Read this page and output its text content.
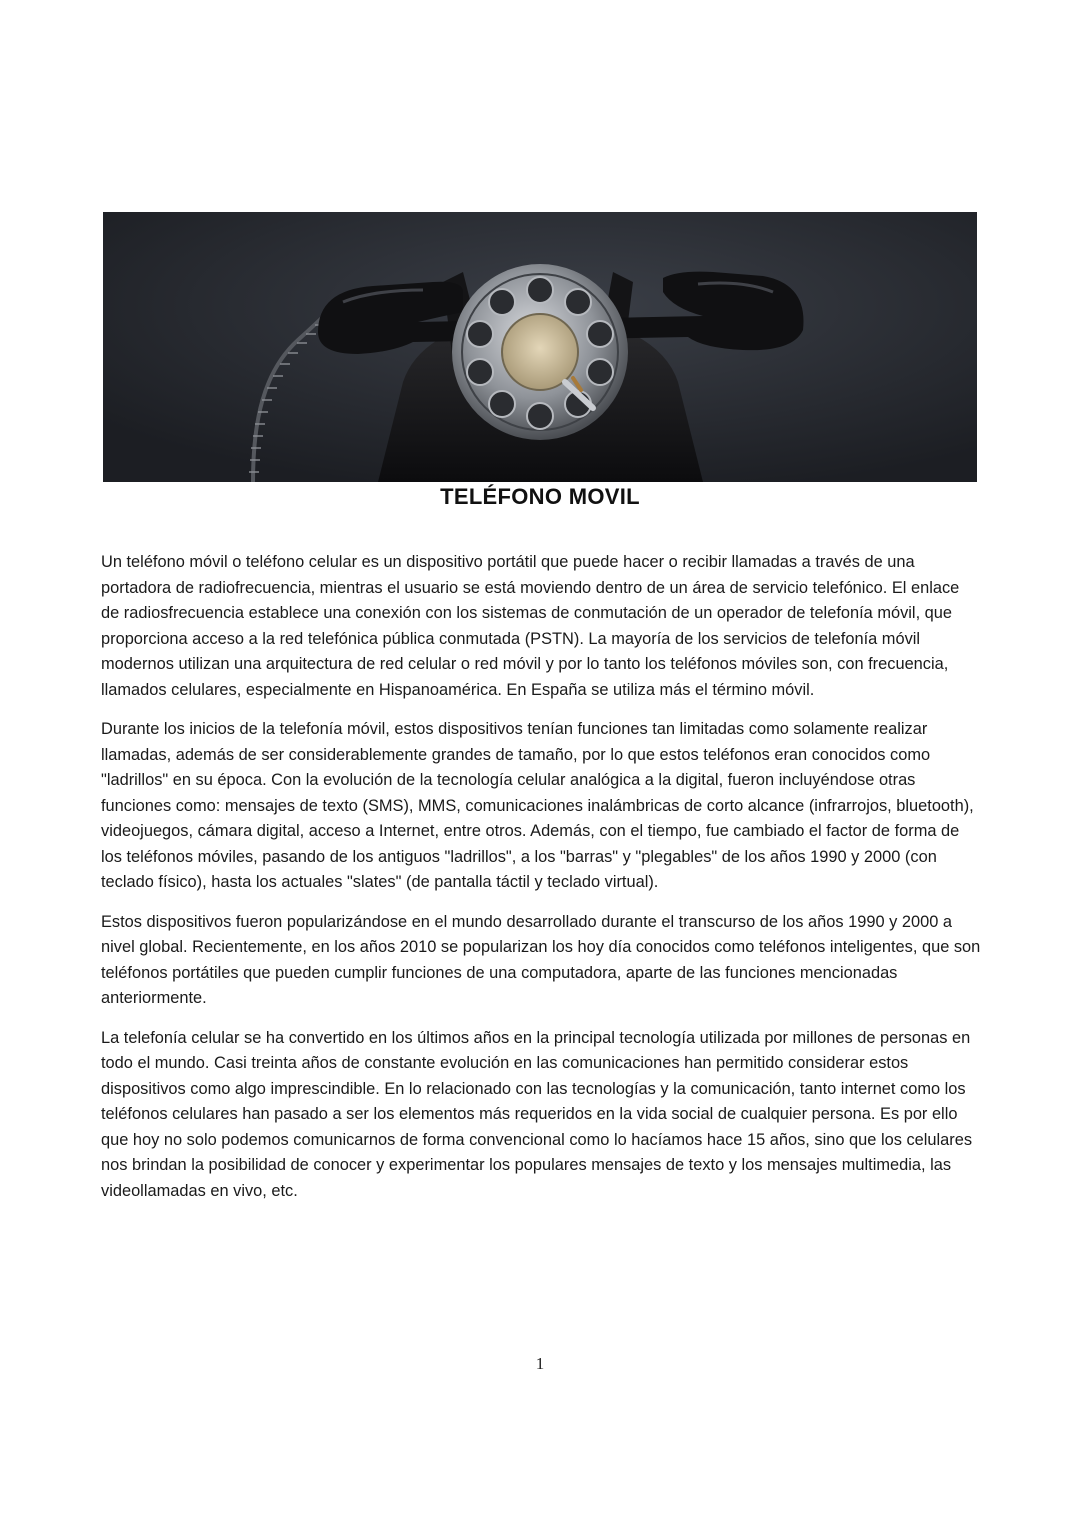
TELÉFONO MOVIL

Un teléfono móvil o teléfono celular es un dispositivo portátil que puede hacer o recibir llamadas a través de una portadora de radiofrecuencia, mientras el usuario se está moviendo dentro de un área de servicio telefónico. El enlace de radiosfrecuencia establece una conexión con los sistemas de conmutación de un operador de telefonía móvil, que proporciona acceso a la red telefónica pública conmutada (PSTN). La mayoría de los servicios de telefonía móvil modernos utilizan una arquitectura de red celular o red móvil y por lo tanto los teléfonos móviles son, con frecuencia, llamados celulares, especialmente en Hispanoamérica. En España se utiliza más el término móvil.

Durante los inicios de la telefonía móvil, estos dispositivos tenían funciones tan limitadas como solamente realizar llamadas, además de ser considerablemente grandes de tamaño, por lo que estos teléfonos eran conocidos como "ladrillos" en su época. Con la evolución de la tecnología celular analógica a la digital, fueron incluyéndose otras funciones como: mensajes de texto (SMS), MMS, comunicaciones inalámbricas de corto alcance (infrarrojos, bluetooth), videojuegos, cámara digital, acceso a Internet, entre otros. Además, con el tiempo, fue cambiado el factor de forma de los teléfonos móviles, pasando de los antiguos "ladrillos", a los "barras" y "plegables" de los años 1990 y 2000 (con teclado físico), hasta los actuales "slates" (de pantalla táctil y teclado virtual).

Estos dispositivos fueron popularizándose en el mundo desarrollado durante el transcurso de los años 1990 y 2000 a nivel global. Recientemente, en los años 2010 se popularizan los hoy día conocidos como teléfonos inteligentes, que son teléfonos portátiles que pueden cumplir funciones de una computadora, aparte de las funciones mencionadas anteriormente.

La telefonía celular se ha convertido en los últimos años en la principal tecnología utilizada por millones de personas en todo el mundo. Casi treinta años de constante evolución en las comunicaciones han permitido considerar estos dispositivos como algo imprescindible. En lo relacionado con las tecnologías y la comunicación, tanto internet como los teléfonos celulares han pasado a ser los elementos más requeridos en la vida social de cualquier persona. Es por ello que hoy no solo podemos comunicarnos de forma convencional como lo hacíamos hace 15 años, sino que los celulares nos brindan la posibilidad de conocer y experimentar los populares mensajes de texto y los mensajes multimedia, las videollamadas en vivo, etc.

1
